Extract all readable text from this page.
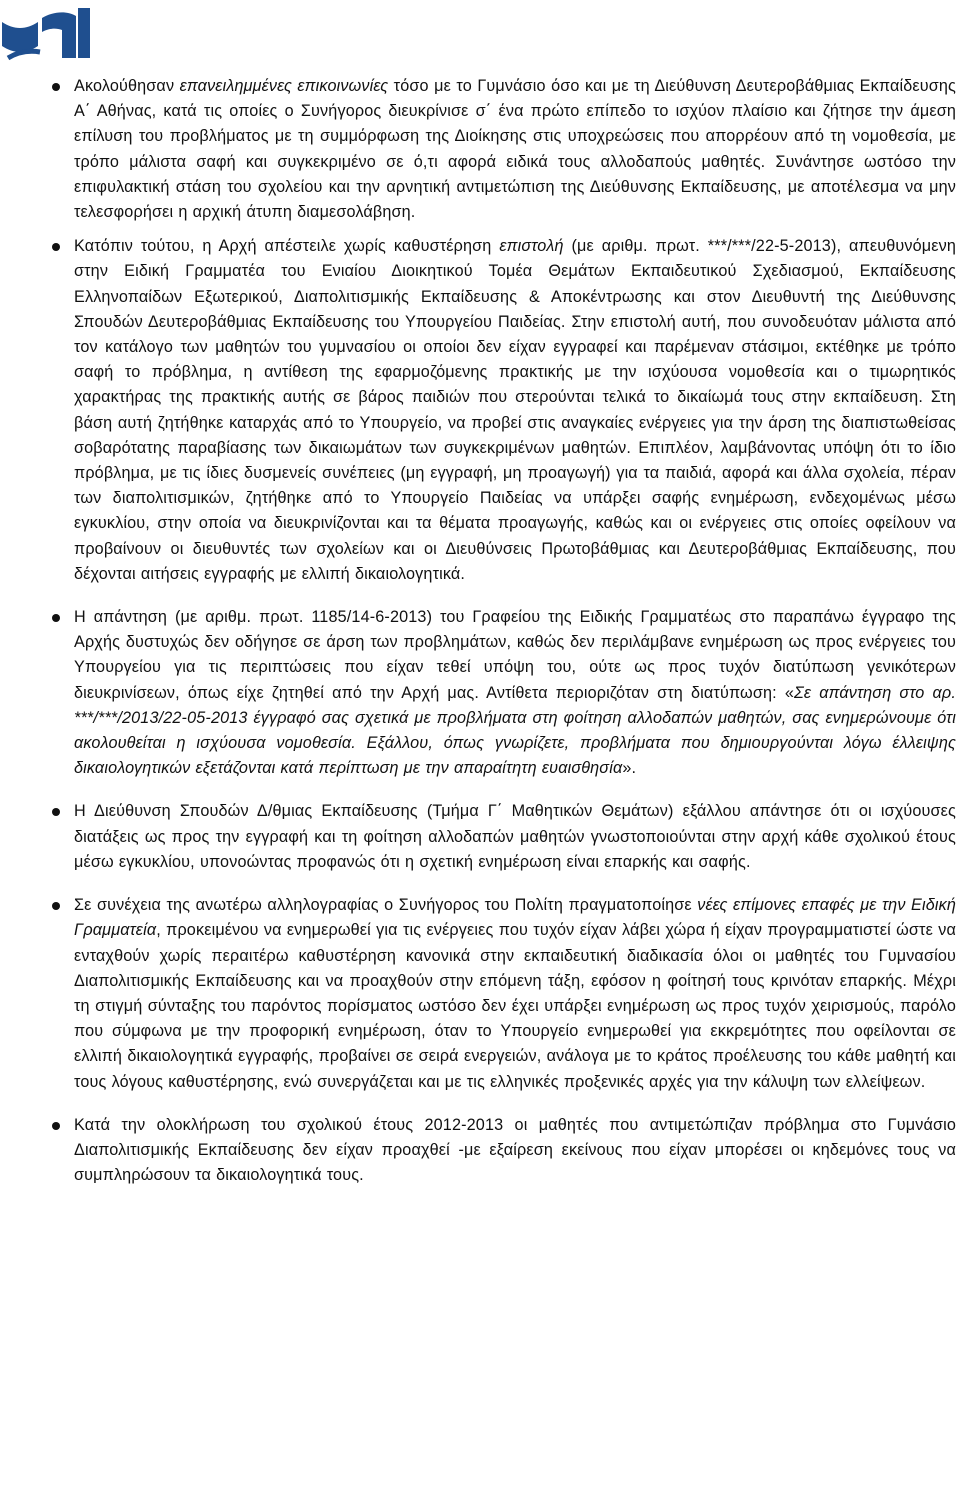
Ακολούθησαν επανειλημμένες επικοινωνίες τόσο με το Γυμνάσιο όσο και με τη Διεύθυνση Δευτεροβάθμιας Εκπαίδευσης Α΄ Αθήνας, κατά τις οποίες ο Συνήγορος διευκρίνισε σ΄ ένα πρώτο επίπεδο το ισχύον πλαίσιο και ζήτησε την άμεση επίλυση του προβλήματος με τη συμμόρφωση της Διοίκησης στις υποχρεώσεις που απορρέουν από τη νομοθεσία, με τρόπο μάλιστα σαφή και συγκεκριμένο σε ό,τι αφορά ειδικά τους αλλοδαπούς μαθητές. Συνάντησε ωστόσο την επιφυλακτική στάση του σχολείου και την αρνητική αντιμετώπιση της Διεύθυνσης Εκπαίδευσης, με αποτέλεσμα να μην τελεσφορήσει η αρχική άτυπη διαμεσολάβηση.
Κατόπιν τούτου, η Αρχή απέστειλε χωρίς καθυστέρηση επιστολή (με αριθμ. πρωτ. ***/***/22-5-2013), απευθυνόμενη στην Ειδική Γραμματέα του Ενιαίου Διοικητικού Τομέα Θεμάτων Εκπαιδευτικού Σχεδιασμού, Εκπαίδευσης Ελληνοπαίδων Εξωτερικού, Διαπολιτισμικής Εκπαίδευσης & Αποκέντρωσης και στον Διευθυντή της Διεύθυνσης Σπουδών Δευτεροβάθμιας Εκπαίδευσης του Υπουργείου Παιδείας. Στην επιστολή αυτή, που συνοδευόταν μάλιστα από τον κατάλογο των μαθητών του γυμνασίου οι οποίοι δεν είχαν εγγραφεί και παρέμεναν στάσιμοι, εκτέθηκε με τρόπο σαφή το πρόβλημα, η αντίθεση της εφαρμοζόμενης πρακτικής με την ισχύουσα νομοθεσία και ο τιμωρητικός χαρακτήρας της πρακτικής αυτής σε βάρος παιδιών που στερούνται τελικά το δικαίωμά τους στην εκπαίδευση. Στη βάση αυτή ζητήθηκε καταρχάς από το Υπουργείο, να προβεί στις αναγκαίες ενέργειες για την άρση της διαπιστωθείσας σοβαρότατης παραβίασης των δικαιωμάτων των συγκεκριμένων μαθητών. Επιπλέον, λαμβάνοντας υπόψη ότι το ίδιο πρόβλημα, με τις ίδιες δυσμενείς συνέπειες (μη εγγραφή, μη προαγωγή) για τα παιδιά, αφορά και άλλα σχολεία, πέραν των διαπολιτισμικών, ζητήθηκε από το Υπουργείο Παιδείας να υπάρξει σαφής ενημέρωση, ενδεχομένως μέσω εγκυκλίου, στην οποία να διευκρινίζονται και τα θέματα προαγωγής, καθώς και οι ενέργειες στις οποίες οφείλουν να προβαίνουν οι διευθυντές των σχολείων και οι Διευθύνσεις Πρωτοβάθμιας και Δευτεροβάθμιας Εκπαίδευσης, που δέχονται αιτήσεις εγγραφής με ελλιπή δικαιολογητικά.
Η απάντηση (με αριθμ. πρωτ. 1185/14-6-2013) του Γραφείου της Ειδικής Γραμματέως στο παραπάνω έγγραφο της Αρχής δυστυχώς δεν οδήγησε σε άρση των προβλημάτων, καθώς δεν περιλάμβανε ενημέρωση ως προς ενέργειες του Υπουργείου για τις περιπτώσεις που είχαν τεθεί υπόψη του, ούτε ως προς τυχόν διατύπωση γενικότερων διευκρινίσεων, όπως είχε ζητηθεί από την Αρχή μας. Αντίθετα περιοριζόταν στη διατύπωση: «Σε απάντηση στο αρ. ***/***/2013/22-05-2013 έγγραφό σας σχετικά με προβλήματα στη φοίτηση αλλοδαπών μαθητών, σας ενημερώνουμε ότι ακολουθείται η ισχύουσα νομοθεσία. Εξάλλου, όπως γνωρίζετε, προβλήματα που δημιουργούνται λόγω έλλειψης δικαιολογητικών εξετάζονται κατά περίπτωση με την απαραίτητη ευαισθησία».
Η Διεύθυνση Σπουδών Δ/θμιας Εκπαίδευσης (Τμήμα Γ΄ Μαθητικών Θεμάτων) εξάλλου απάντησε ότι οι ισχύουσες διατάξεις ως προς την εγγραφή και τη φοίτηση αλλοδαπών μαθητών γνωστοποιούνται στην αρχή κάθε σχολικού έτους μέσω εγκυκλίου, υπονοώντας προφανώς ότι η σχετική ενημέρωση είναι επαρκής και σαφής.
Σε συνέχεια της ανωτέρω αλληλογραφίας ο Συνήγορος του Πολίτη πραγματοποίησε νέες επίμονες επαφές με την Ειδική Γραμματεία, προκειμένου να ενημερωθεί για τις ενέργειες που τυχόν είχαν λάβει χώρα ή είχαν προγραμματιστεί ώστε να ενταχθούν χωρίς περαιτέρω καθυστέρηση κανονικά στην εκπαιδευτική διαδικασία όλοι οι μαθητές του Γυμνασίου Διαπολιτισμικής Εκπαίδευσης και να προαχθούν στην επόμενη τάξη, εφόσον η φοίτησή τους κρινόταν επαρκής. Μέχρι τη στιγμή σύνταξης του παρόντος πορίσματος ωστόσο δεν έχει υπάρξει ενημέρωση ως προς τυχόν χειρισμούς, παρόλο που σύμφωνα με την προφορική ενημέρωση, όταν το Υπουργείο ενημερωθεί για εκκρεμότητες που οφείλονται σε ελλιπή δικαιολογητικά εγγραφής, προβαίνει σε σειρά ενεργειών, ανάλογα με το κράτος προέλευσης του κάθε μαθητή και τους λόγους καθυστέρησης, ενώ συνεργάζεται και με τις ελληνικές προξενικές αρχές για την κάλυψη των ελλείψεων.
Κατά την ολοκλήρωση του σχολικού έτους 2012-2013 οι μαθητές που αντιμετώπιζαν πρόβλημα στο Γυμνάσιο Διαπολιτισμικής Εκπαίδευσης δεν είχαν προαχθεί -με εξαίρεση εκείνους που είχαν μπορέσει οι κηδεμόνες τους να συμπληρώσουν τα δικαιολογητικά τους.
